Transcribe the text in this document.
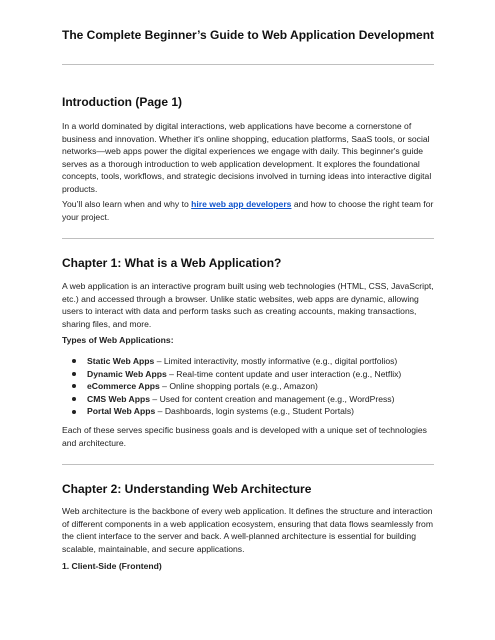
The Complete Beginner’s Guide to Web Application Development
Introduction (Page 1)

In a world dominated by digital interactions, web applications have become a cornerstone of business and innovation. Whether it's online shopping, education platforms, SaaS tools, or social networks—web apps power the digital experiences we engage with daily. This beginner's guide serves as a thorough introduction to web application development. It explores the foundational concepts, tools, workflows, and strategic decisions involved in turning ideas into interactive digital products.

You’ll also learn when and why to hire web app developers and how to choose the right team for your project.

Chapter 1: What is a Web Application?

A web application is an interactive program built using web technologies (HTML, CSS, JavaScript, etc.) and accessed through a browser. Unlike static websites, web apps are dynamic, allowing users to interact with data and perform tasks such as creating accounts, making transactions, sharing files, and more.

Types of Web Applications:

Static Web Apps – Limited interactivity, mostly informative (e.g., digital portfolios)
Dynamic Web Apps – Real-time content update and user interaction (e.g., Netflix)
eCommerce Apps – Online shopping portals (e.g., Amazon)
CMS Web Apps – Used for content creation and management (e.g., WordPress)
Portal Web Apps – Dashboards, login systems (e.g., Student Portals)

Each of these serves specific business goals and is developed with a unique set of technologies and architecture.

Chapter 2: Understanding Web Architecture

Web architecture is the backbone of every web application. It defines the structure and interaction of different components in a web application ecosystem, ensuring that data flows seamlessly from the client interface to the server and back. A well-planned architecture is essential for building scalable, maintainable, and secure applications.

1. Client-Side (Frontend)
